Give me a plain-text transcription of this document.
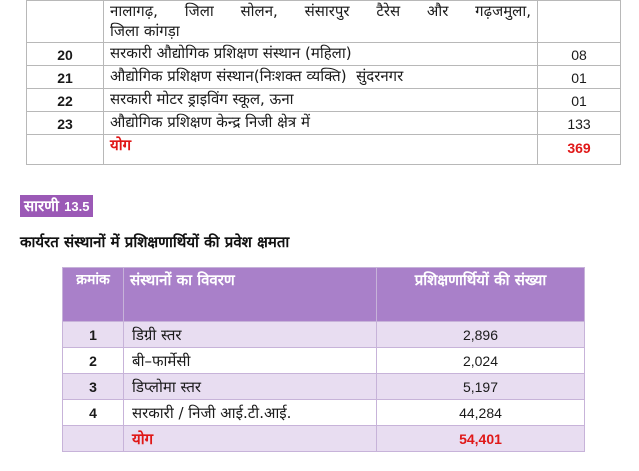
	नालागढ़, जिला सोलन, संसारपुर टैरेस और गढ़जमुला,
जिला कांगड़ा	

20	सरकारी औद्योगिक प्रशिक्षण संस्थान (महिला)	08
21	औद्योगिक प्रशिक्षण संस्थान(निःशक्त व्यक्ति)  सुंदरनगर	01
22	सरकारी मोटर ड्राइविंग स्कूल, ऊना	01
23	औद्योगिक प्रशिक्षण केन्द्र निजी क्षेत्र में	133
	योग	369
सारणी 13.5
कार्यरत संस्थानों में प्रशिक्षणार्थियों की प्रवेश क्षमता
क्रमांक	संस्थानों का विवरण	प्रशिक्षणार्थियों की संख्या
1	डिग्री स्तर	2,896
2	बी–फार्मेसी	2,024
3	डिप्लोमा स्तर	5,197
4	सरकारी / निजी आई.टी.आई.	44,284
	योग	54,401
